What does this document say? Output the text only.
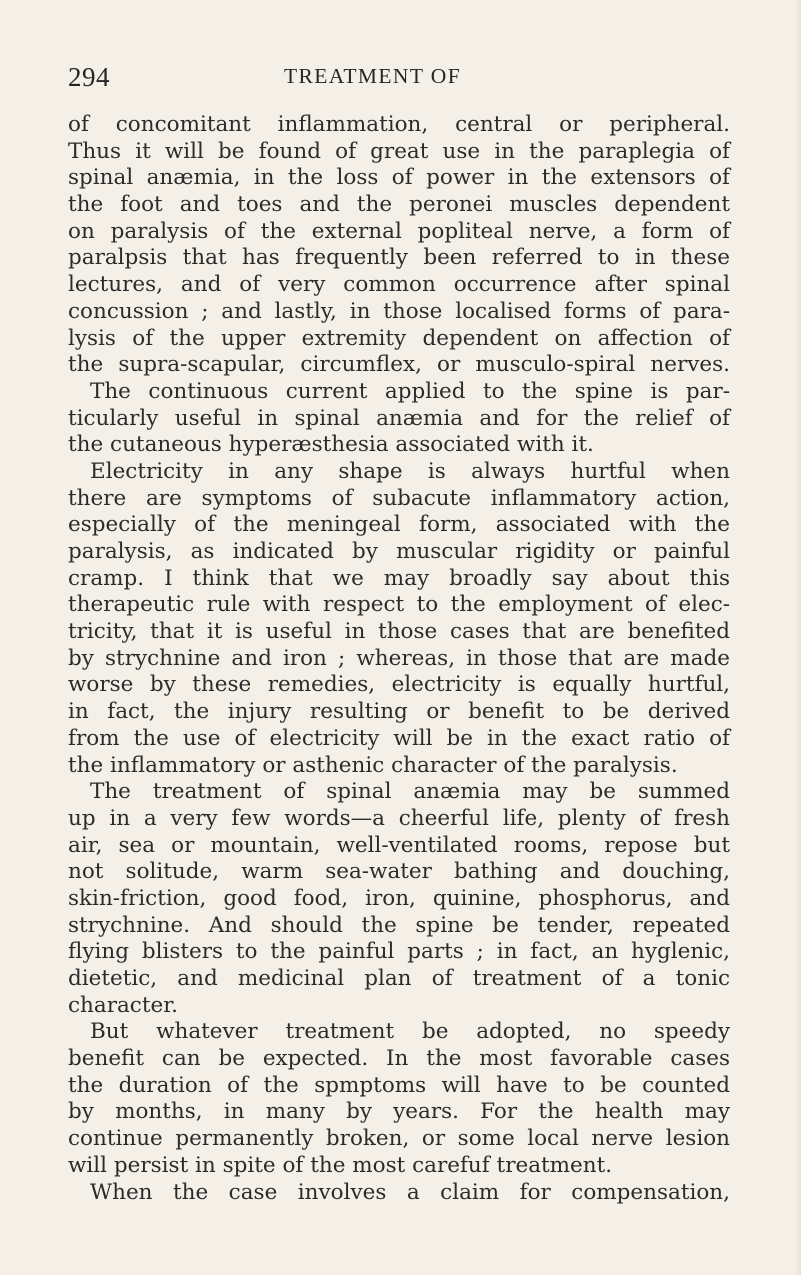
294	TREATMENT OF
of concomitant inflammation, central or peripheral.
Thus it will be found of great use in the paraplegia of
spinal anæmia, in the loss of power in the extensors of
the foot and toes and the peronei muscles dependent
on paralysis of the external popliteal nerve, a form of
paralpsis that has frequently been referred to in these
lectures, and of very common occurrence after spinal
concussion ; and lastly, in those localised forms of para-
lysis of the upper extremity dependent on affection of
the supra-scapular, circumflex, or musculo-spiral nerves.
The continuous current applied to the spine is par-
ticularly useful in spinal anæmia and for the relief of
the cutaneous hyperæsthesia associated with it.
Electricity in any shape is always hurtful when
there are symptoms of subacute inflammatory action,
especially of the meningeal form, associated with the
paralysis, as indicated by muscular rigidity or painful
cramp. I think that we may broadly say about this
therapeutic rule with respect to the employment of elec-
tricity, that it is useful in those cases that are benefited
by strychnine and iron ; whereas, in those that are made
worse by these remedies, electricity is equally hurtful,
in fact, the injury resulting or benefit to be derived
from the use of electricity will be in the exact ratio of
the inflammatory or asthenic character of the paralysis.
The treatment of spinal anæmia may be summed
up in a very few words—a cheerful life, plenty of fresh
air, sea or mountain, well-ventilated rooms, repose but
not solitude, warm sea-water bathing and douching,
skin-friction, good food, iron, quinine, phosphorus, and
strychnine. And should the spine be tender, repeated
flying blisters to the painful parts ; in fact, an hyglenic,
dietetic, and medicinal plan of treatment of a tonic
character.
But whatever treatment be adopted, no speedy
benefit can be expected. In the most favorable cases
the duration of the spmptoms will have to be counted
by months, in many by years. For the health may
continue permanently broken, or some local nerve lesion
will persist in spite of the most carefuf treatment.
When the case involves a claim for compensation,
